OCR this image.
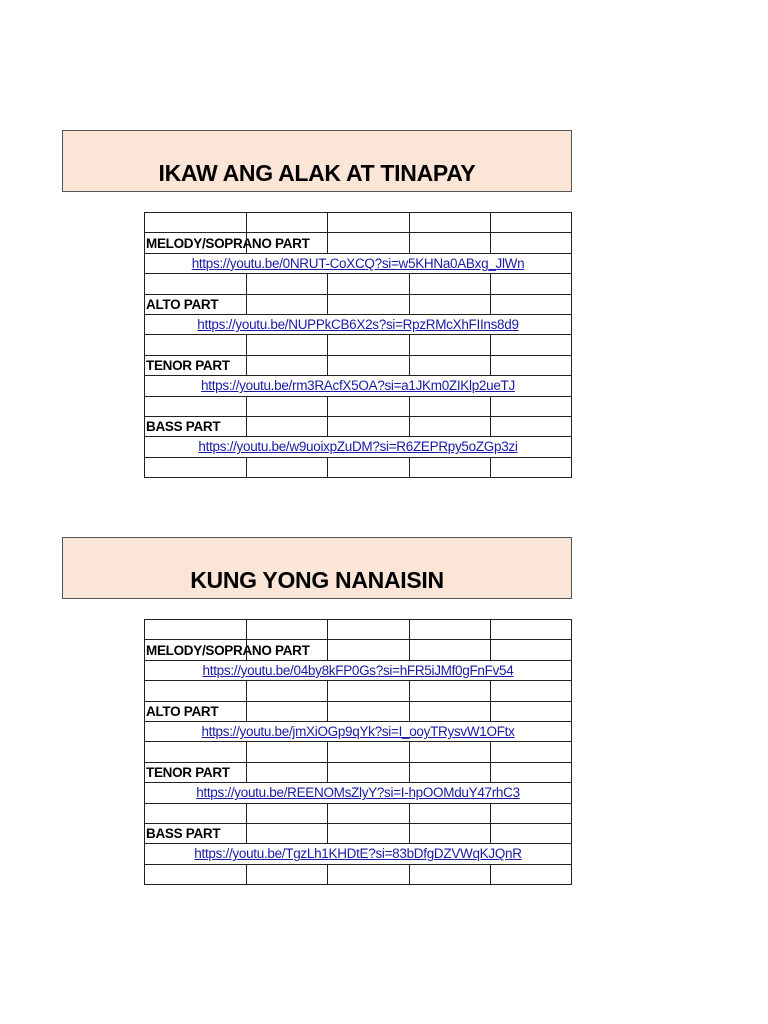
IKAW ANG ALAK AT TINAPAY

MELODY/SOPRANO PART				
https://youtu.be/0NRUT-CoXCQ?si=w5KHNa0ABxg_JlWn				

ALTO PART				
https://youtu.be/NUPPkCB6X2s?si=RpzRMcXhFIIns8d9				

TENOR PART				
https://youtu.be/rm3RAcfX5OA?si=a1JKm0ZIKlp2ueTJ				

BASS PART				
https://youtu.be/w9uoixpZuDM?si=R6ZEPRpy5oZGp3zi				

KUNG YONG NANAISIN

MELODY/SOPRANO PART				
https://youtu.be/04by8kFP0Gs?si=hFR5iJMf0gFnFv54				

ALTO PART				
https://youtu.be/jmXiOGp9qYk?si=I_ooyTRysvW1OFtx				

TENOR PART				
https://youtu.be/REENOMsZlyY?si=I-hpOOMduY47rhC3				

BASS PART				
https://youtu.be/TgzLh1KHDtE?si=83bDfgDZVWqKJQnR				
